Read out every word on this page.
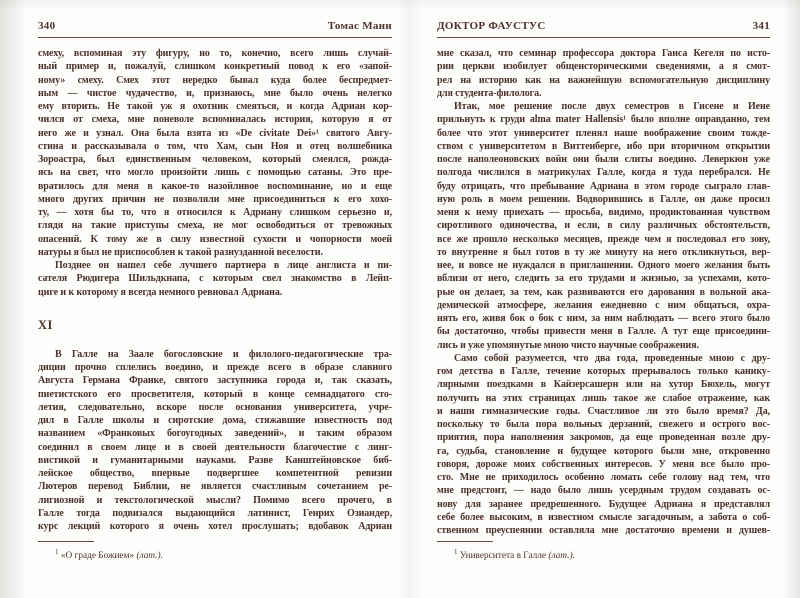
340	Томас Манн
смеху, вспоминая эту фигуру, но то, конечно, всего лишь случай-
ный пример и, пожалуй, слишком конкретный повод к его «запой-
ному» смеху. Смех этот нередко бывал куда более беспредмет-
ным — чистое чудачество, и, признаюсь, мне было очень нелегко
ему вторить. Не такой уж я охотник смеяться, и когда Адриан кор-
чился от смеха, мне поневоле вспоминалась история, которую я от
него же и узнал. Она была взята из «De civitate Dei»¹ святого Авгу-
стина и рассказывала о том, что Хам, сын Ноя и отец волшебника
Зороастра, был единственным человеком, который смеялся, рожда-
ясь на свет, что могло произойти лишь с помощью сатаны. Это пре-
вратилось для меня в какое-то назойливое воспоминание, но и еще
много других причин не позволяли мне присоединиться к его хохо-
ту, — хотя бы то, что я относился к Адриану слишком серьезно и,
глядя на такие приступы смеха, не мог освободиться от тревожных
опасений. К тому же в силу известной сухости и чопорности моей
натуры я был не приспособлен к такой разнузданной веселости.
Позднее он нашел себе лучшего партнера в лице англиста и пи-
сателя Рюдигера Шильдкнапа, с которым свел знакомство в Лейп-
циге и к которому я всегда немного ревновал Адриана.
XI
В Галле на Заале богословские и филолого-педагогические тра-
диции прочно сплелись воедино, и прежде всего в образе славного
Августа Германа Франке, святого заступника города и, так сказать,
пиетистского его просветителя, который в конце семнадцатого сто-
летия, следовательно, вскоре после основания университета, учре-
дил в Галле школы и сиротские дома, стяжавшие известность под
названием «Франковых богоугодных заведений», и таким образом
соединил в своем лице и в своей деятельности благочестие с линг-
вистикой и гуманитарными науками. Разве Канштейновское биб-
лейское общество, впервые подвергшее компетентной ревизии
Лютеров перевод Библии, не является счастливым сочетанием ре-
лигиозной и текстологической мысли? Помимо всего прочего, в
Галле тогда подвизался выдающийся латинист, Генрих Озиандер,
курс лекций которого я очень хотел прослушать; вдобавок Адриан
$^1$ «О граде Божием» (лат.).
ДОКТОР ФАУСТУС	341
мне сказал, что семинар профессора доктора Ганса Кегеля по исто-
рии церкви изобилует общеисторическими сведениями, а я смот-
рел на историю как на важнейшую вспомогательную дисциплину
для студента-филолога.
Итак, мое решение после двух семестров в Гисене и Иене
прильнуть к груди alma mater Hallensis¹ было вполне оправданно, тем
более что этот университет пленял наше воображение своим тожде-
ством с университетом в Виттенберге, ибо при вторичном открытии
после наполеоновских войн они были слиты воедино. Леверкюн уже
полгода числился в матрикулах Галле, когда я туда перебрался. Не
буду отрицать, что пребывание Адриана в этом городе сыграло глав-
ную роль в моем решении. Водворившись в Галле, он даже просил
меня к нему приехать — просьба, видимо, продиктованная чувством
сиротливого одиночества, и если, в силу различных обстоятельств,
все же прошло несколько месяцев, прежде чем я последовал его зову,
то внутренне я был готов в ту же минуту на него откликнуться, вер-
нее, и вовсе не нуждался в приглашении. Одного моего желания быть
вблизи от него, следить за его трудами и жизнью, за успехами, кото-
рые он делает, за тем, как развиваются его дарования в вольной ака-
демической атмосфере, желания ежедневно с ним общаться, охра-
нять его, живя бок о бок с ним, за ним наблюдать — всего этого было
бы достаточно, чтобы привести меня в Галле. А тут еще присоедини-
лись и уже упомянутые мною чисто научные соображения.
Само собой разумеется, что два года, проведенные мною с дру-
гом детства в Галле, течение которых прерывалось только канику-
лярными поездками в Кайзерсашерн или на хутор Бюхель, могут
получить на этих страницах лишь такое же слабое отражение, как
и наши гимназические годы. Счастливое ли это было время? Да,
поскольку то была пора вольных дерзаний, свежего и острого вос-
приятия, пора наполнения закромов, да еще проведенная возле дру-
га, судьба, становление и будущее которого были мне, откровенно
говоря, дороже моих собственных интересов. У меня все было про-
сто. Мне не приходилось особенно ломать себе голову над тем, что
мне предстоит, — надо было лишь усердным трудом создавать ос-
нову для заранее предрешенного. Будущее Адриана я представлял
себе более высоким, в известном смысле загадочным, а забота о соб-
ственном преуспеянии оставляла мне достаточно времени и душев-
$^1$ Университета в Галле (лат.).
